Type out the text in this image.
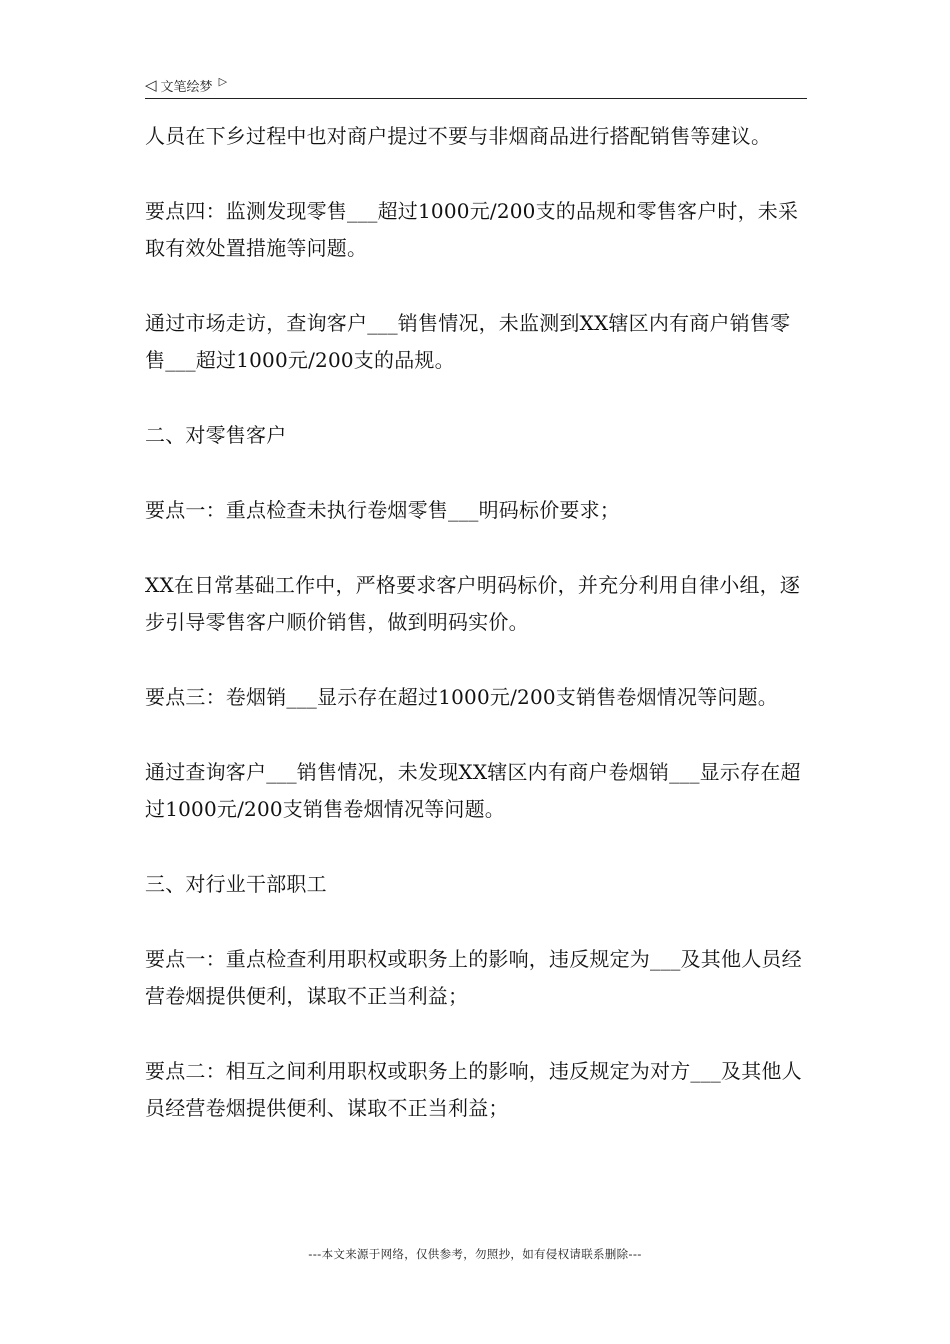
◁ 文笔绘梦 ▷

人员在下乡过程中也对商户提过不要与非烟商品进行搭配销售等建议。

要点四：监测发现零售___超过1000元/200支的品规和零售客户时，未采取有效处置措施等问题。

通过市场走访，查询客户___销售情况，未监测到XX辖区内有商户销售零售___超过1000元/200支的品规。

二、对零售客户

要点一：重点检查未执行卷烟零售___明码标价要求；

XX在日常基础工作中，严格要求客户明码标价，并充分利用自律小组，逐步引导零售客户顺价销售，做到明码实价。

要点三：卷烟销___显示存在超过1000元/200支销售卷烟情况等问题。

通过查询客户___销售情况，未发现XX辖区内有商户卷烟销___显示存在超过1000元/200支销售卷烟情况等问题。

三、对行业干部职工

要点一：重点检查利用职权或职务上的影响，违反规定为___及其他人员经营卷烟提供便利，谋取不正当利益；

要点二：相互之间利用职权或职务上的影响，违反规定为对方___及其他人员经营卷烟提供便利、谋取不正当利益；

---本文来源于网络，仅供参考，勿照抄，如有侵权请联系删除---
